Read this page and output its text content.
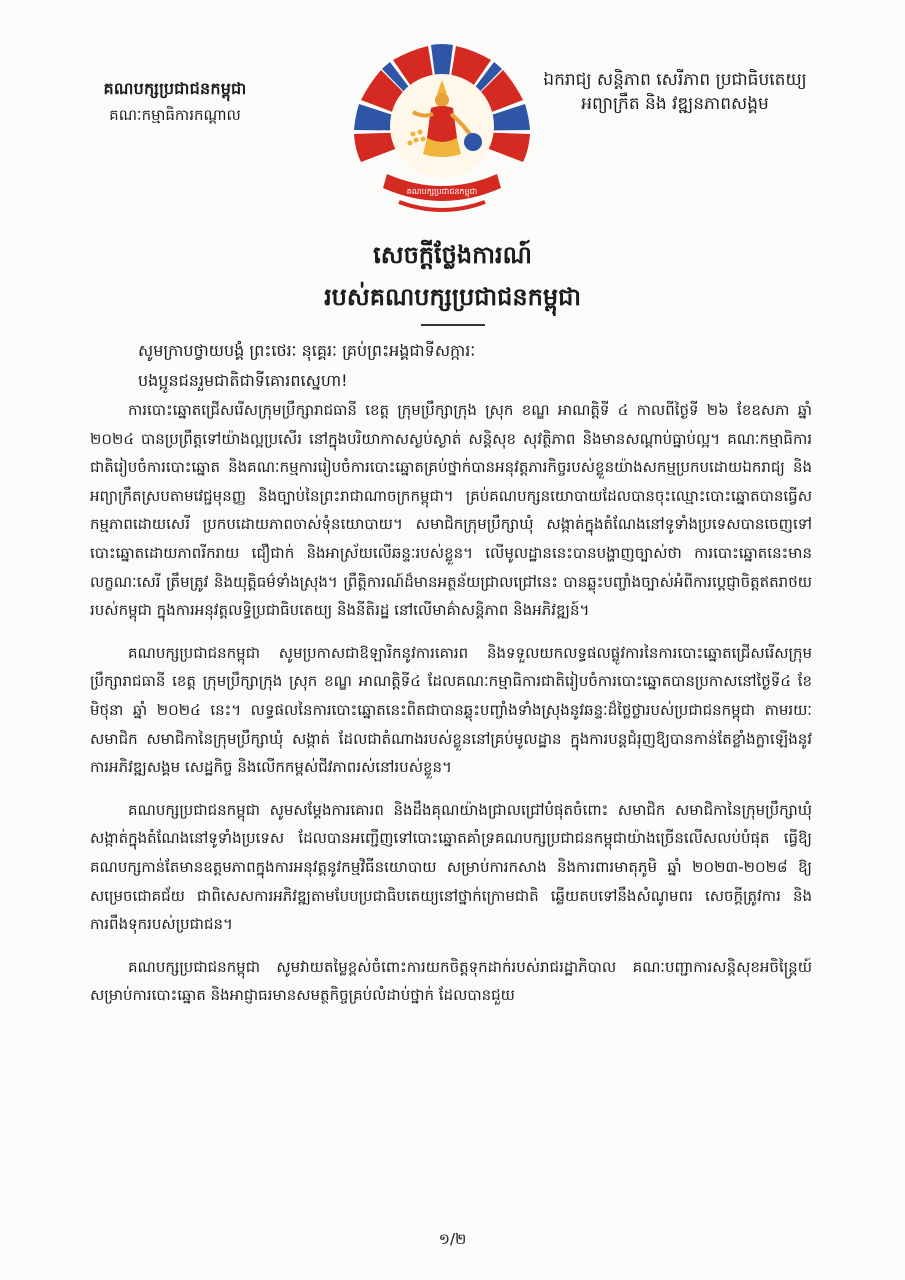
គណបក្សប្រជាជនកម្ពុជា
គណៈកម្មាធិការកណ្តាល
គណបក្សប្រជាជនកម្ពុជា
ឯករាជ្យ សន្តិភាព សេរីភាព ប្រជាធិបតេយ្យ
អព្យាក្រឹត និង វឌ្ឍនភាពសង្គម
សេចក្តីថ្លែងការណ៍
របស់គណបក្សប្រជាជនកម្ពុជា

សូមក្រាបថ្វាយបង្គំ ព្រះថេរៈ នុគ្គេរៈ គ្រប់ព្រះអង្គជាទីសក្ការៈ

បងប្អូនជនរួមជាតិជាទីគោរពស្នេហា!

ការបោះឆ្នោតជ្រើសរើសក្រុមប្រឹក្សារាជធានី ខេត្ត ក្រុមប្រឹក្សាក្រុង ស្រុក ខណ្ឌ អាណត្តិទី ៤ កាលពីថ្ងៃទី ២៦ ខែឧសភា ឆ្នាំ ២០២៤ បានប្រព្រឹត្តទៅយ៉ាងល្អប្រសើរ នៅក្នុងបរិយាកាសស្ងប់ស្ងាត់ សន្តិសុខ សុវត្ថិភាព និងមានសណ្តាប់ធ្នាប់ល្អ។ គណៈកម្មាធិការជាតិរៀបចំការបោះឆ្នោត និងគណៈកម្មការរៀបចំការបោះឆ្នោតគ្រប់ថ្នាក់បានអនុវត្តភារកិច្ចរបស់ខ្លួនយ៉ាងសកម្មប្រកបដោយឯករាជ្យ និងអព្យាក្រឹតស្របតាមវេជ្ជមុនញ្ញ និងច្បាប់នៃព្រះរាជាណាចក្រកម្ពុជា។ គ្រប់គណបក្សនយោបាយដែលបានចុះឈ្មោះបោះឆ្នោតបានធ្វើសកម្មភាពដោយសេរី ប្រកបដោយភាពចាស់ទុំនយោបាយ។ សមាជិកក្រុមប្រឹក្សាឃុំ សង្កាត់ក្នុងតំណែងនៅទូទាំងប្រទេសបានចេញទៅបោះឆ្នោតដោយភាពរីករាយ ជឿជាក់ និងអាស្រ័យលើឆន្ទៈរបស់ខ្លួន។ លើមូលដ្ឋាននេះបានបង្ហាញច្បាស់ថា ការបោះឆ្នោតនេះមានលក្ខណៈសេរី ត្រឹមត្រូវ និងយុត្តិធម៌ទាំងស្រុង។ ព្រឹត្តិការណ៍ដ៏មានអត្ថន័យជ្រាលជ្រៅនេះ បានឆ្លុះបញ្ចាំងច្បាស់អំពីការប្តេជ្ញាចិត្តឥតរាថយរបស់កម្ពុជា ក្នុងការអនុវត្តលទ្ធិប្រជាធិបតេយ្យ និងនីតិរដ្ឋ នៅលើមាគ៌ាសន្តិភាព និងអភិវឌ្ឍន៍។

គណបក្សប្រជាជនកម្ពុជា សូមប្រកាសជាឱឡារិកនូវការគោរព និងទទួលយកលទ្ធផលផ្លូវការនៃការបោះឆ្នោតជ្រើសរើសក្រុមប្រឹក្សារាជធានី ខេត្ត ក្រុមប្រឹក្សាក្រុង ស្រុក ខណ្ឌ អាណត្តិទី៤ ដែលគណៈកម្មាធិការជាតិរៀបចំការបោះឆ្នោតបានប្រកាសនៅថ្ងៃទី៤ ខែមិថុនា ឆ្នាំ ២០២៤ នេះ។ លទ្ធផលនៃការបោះឆ្នោតនេះពិតជាបានឆ្លុះបញ្ចាំងទាំងស្រុងនូវឆន្ទៈដ៏ថ្លៃថ្លារបស់ប្រជាជនកម្ពុជា តាមរយៈសមាជិក សមាជិកានៃក្រុមប្រឹក្សាឃុំ សង្កាត់ ដែលជាតំណាងរបស់ខ្លួននៅគ្រប់មូលដ្ឋាន ក្នុងការបន្តជំរុញឱ្យបានកាន់តែខ្លាំងក្លាឡើងនូវការអភិវឌ្ឍសង្គម សេដ្ឋកិច្ច និងលើកកម្ពស់ជីវភាពរស់នៅរបស់ខ្លួន។

គណបក្សប្រជាជនកម្ពុជា សូមសម្តែងការគោរព និងដឹងគុណយ៉ាងជ្រាលជ្រៅបំផុតចំពោះ សមាជិក សមាជិកានៃក្រុមប្រឹក្សាឃុំ សង្កាត់ក្នុងតំណែងនៅទូទាំងប្រទេស ដែលបានអញ្ជើញទៅបោះឆ្នោតគាំទ្រគណបក្សប្រជាជនកម្ពុជាយ៉ាងច្រើនលើសលប់បំផុត ធ្វើឱ្យគណបក្សកាន់តែមានឧត្តមភាពក្នុងការអនុវត្តនូវកម្មវិធីនយោបាយ សម្រាប់ការកសាង និងការពារមាតុភូមិ ឆ្នាំ ២០២៣-២០២៨ ឱ្យសម្រេចជោគជ័យ ជាពិសេសការអភិវឌ្ឍតាមបែបប្រជាធិបតេយ្យនៅថ្នាក់ក្រោមជាតិ ឆ្លើយតបទៅនឹងសំណូមពរ សេចក្តីត្រូវការ និងការពឹងទុករបស់ប្រជាជន។

គណបក្សប្រជាជនកម្ពុជា សូមវាយតម្លៃខ្ពស់ចំពោះការយកចិត្តទុកដាក់របស់រាជរដ្ឋាភិបាល គណៈបញ្ជាការសន្តិសុខអចិន្ត្រៃយ៍សម្រាប់ការបោះឆ្នោត និងអាជ្ញាធរមានសមត្ថកិច្ចគ្រប់លំដាប់ថ្នាក់ ដែលបានជួយ

១/២
